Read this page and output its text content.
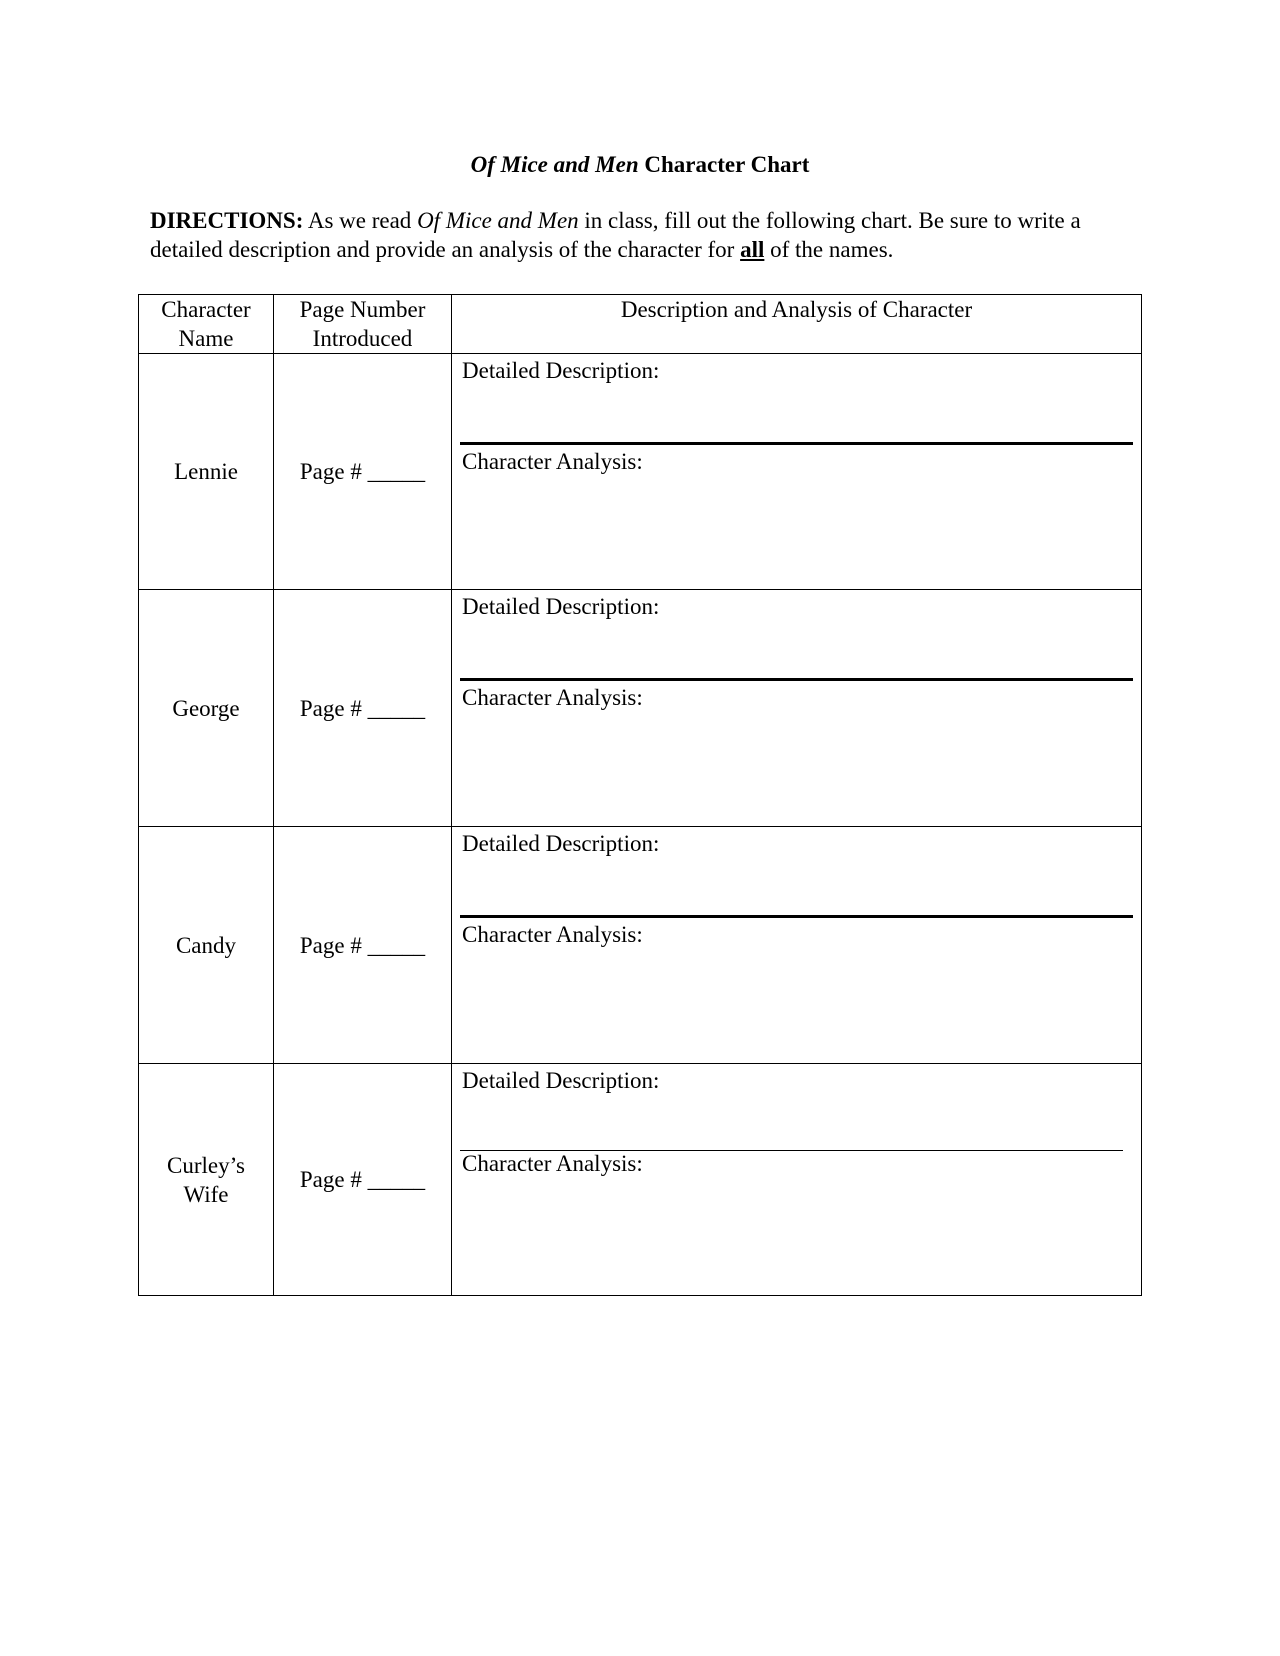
Of Mice and Men Character Chart
DIRECTIONS: As we read Of Mice and Men in class, fill out the following chart. Be sure to write a detailed description and provide an analysis of the character for all of the names.
Character Name	Page Number Introduced	Description and Analysis of Character
Lennie	Page # _____	Detailed Description:
Character Analysis:

George	Page # _____	Detailed Description:
Character Analysis:

Candy	Page # _____	Detailed Description:
Character Analysis:

Curley’s Wife	Page # _____	Detailed Description:
Character Analysis:
